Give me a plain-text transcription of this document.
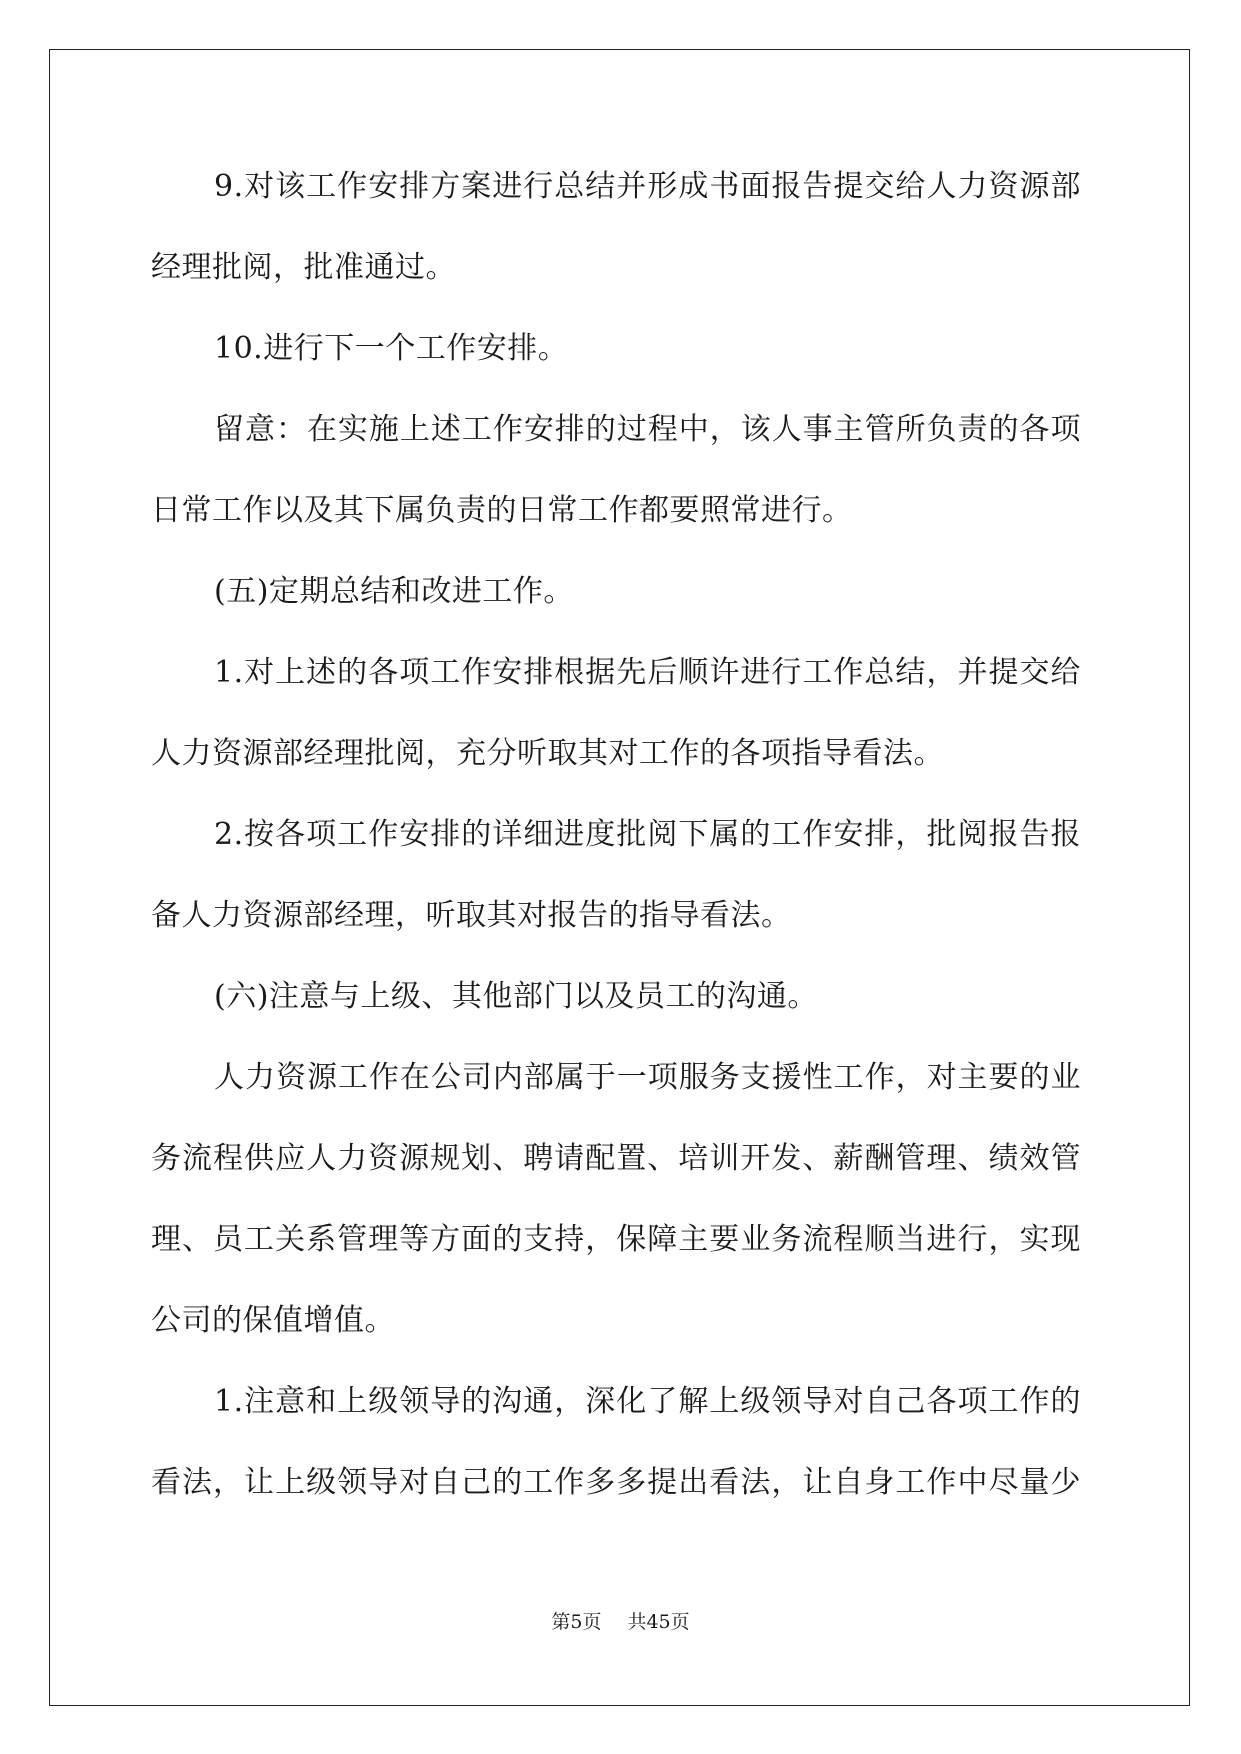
9.对该工作安排方案进行总结并形成书面报告提交给人力资源部
经理批阅，批准通过。
10.进行下一个工作安排。
留意：在实施上述工作安排的过程中，该人事主管所负责的各项
日常工作以及其下属负责的日常工作都要照常进行。
(五)定期总结和改进工作。
1.对上述的各项工作安排根据先后顺许进行工作总结，并提交给
人力资源部经理批阅，充分听取其对工作的各项指导看法。
2.按各项工作安排的详细进度批阅下属的工作安排，批阅报告报
备人力资源部经理，听取其对报告的指导看法。
(六)注意与上级、其他部门以及员工的沟通。
人力资源工作在公司内部属于一项服务支援性工作，对主要的业
务流程供应人力资源规划、聘请配置、培训开发、薪酬管理、绩效管
理、员工关系管理等方面的支持，保障主要业务流程顺当进行，实现
公司的保值增值。
1.注意和上级领导的沟通，深化了解上级领导对自己各项工作的
看法，让上级领导对自己的工作多多提出看法，让自身工作中尽量少
第5页 共45页
